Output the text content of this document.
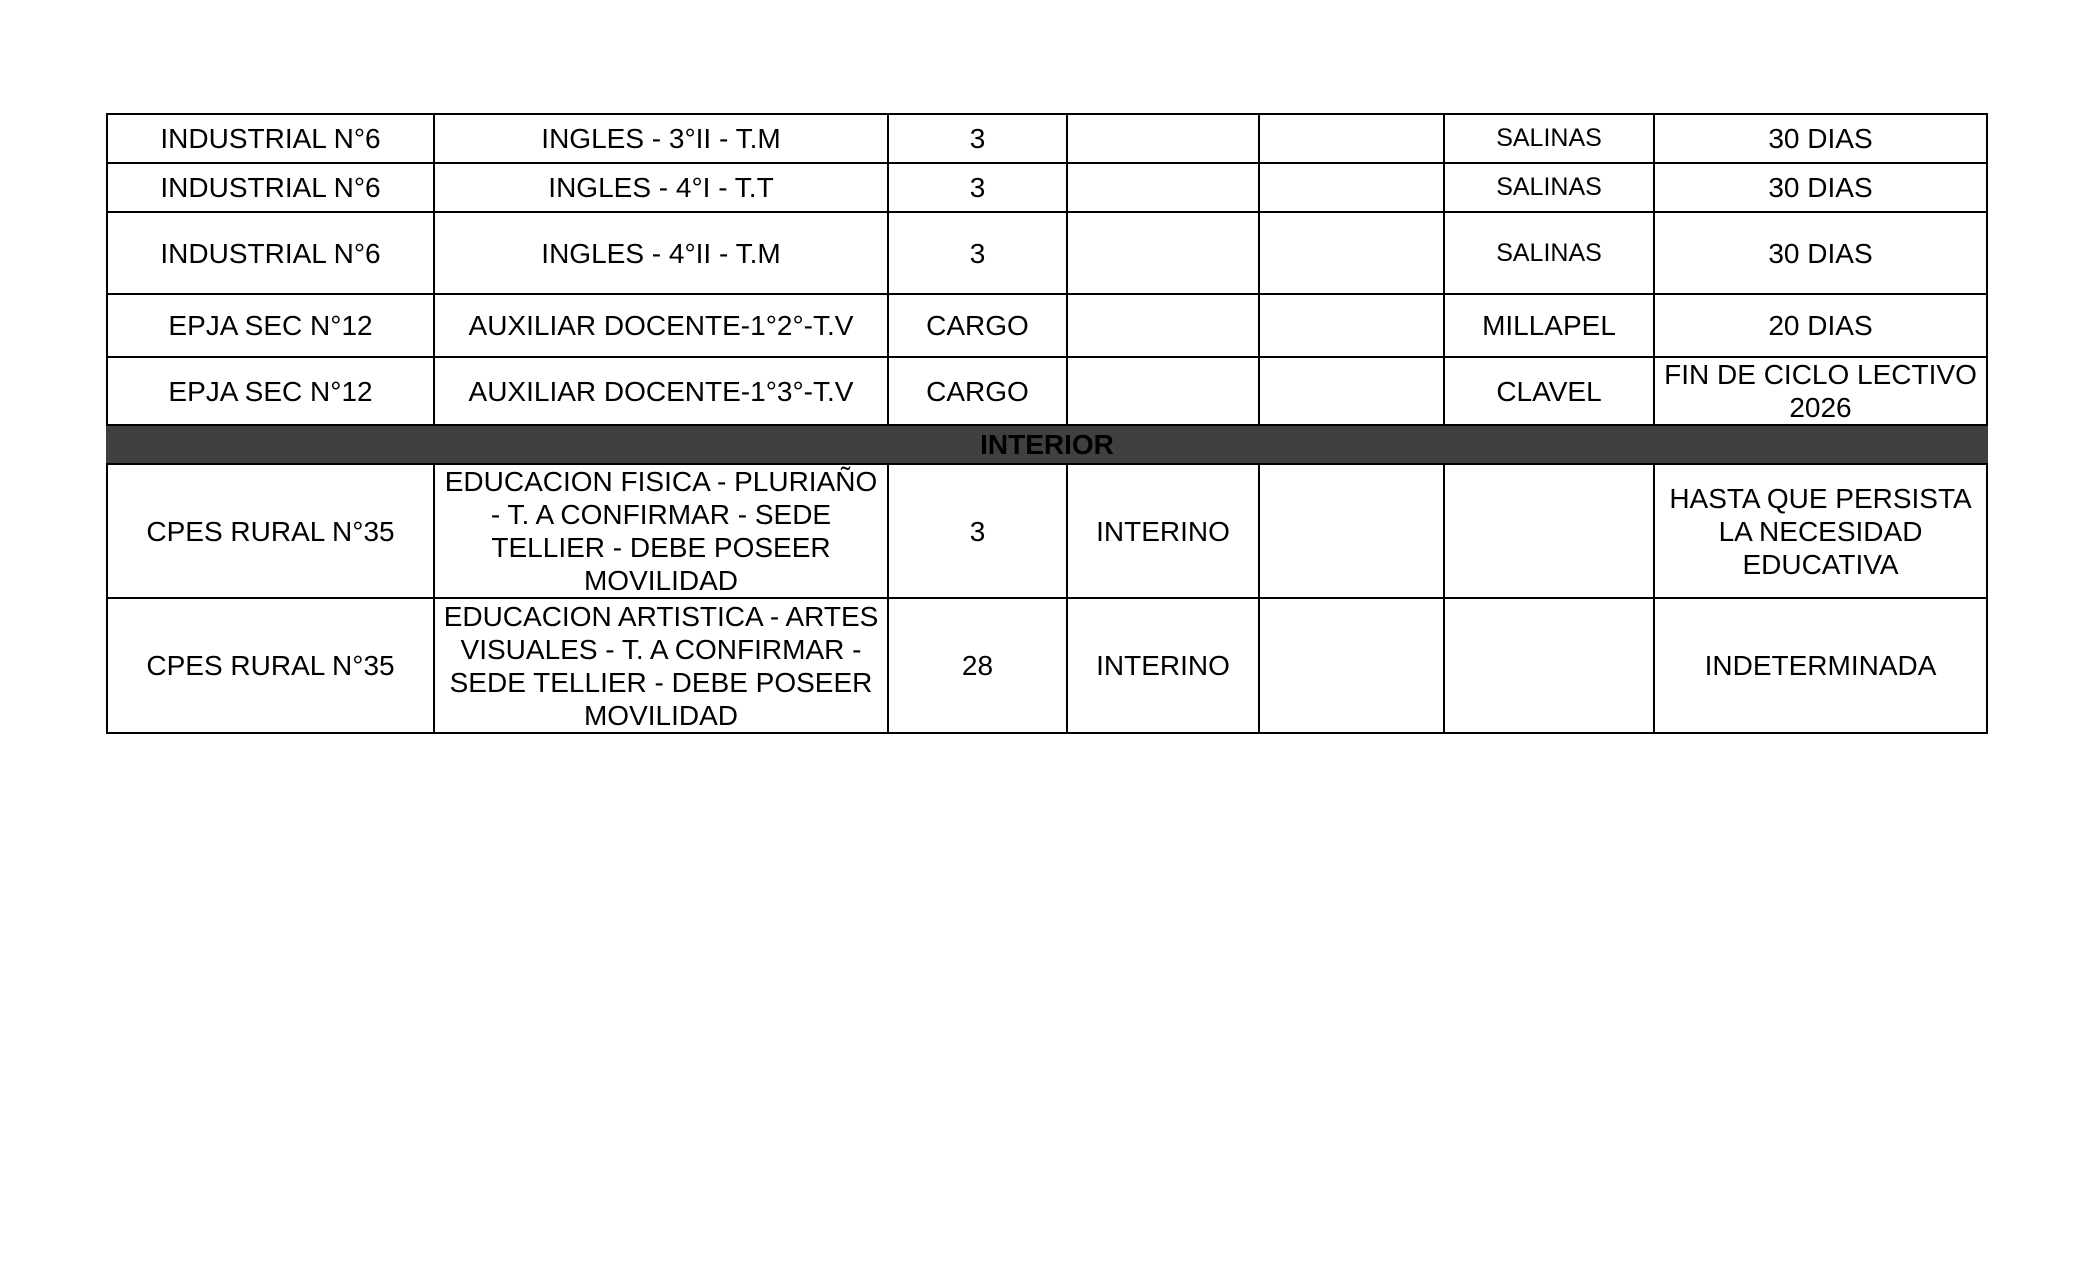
INDUSTRIAL N°6	INGLES - 3°II - T.M	3			SALINAS	30 DIAS
INDUSTRIAL N°6	INGLES - 4°I - T.T	3			SALINAS	30 DIAS
INDUSTRIAL N°6	INGLES - 4°II - T.M	3			SALINAS	30 DIAS
EPJA SEC N°12	AUXILIAR DOCENTE-1°2°-T.V	CARGO			MILLAPEL	20 DIAS
EPJA SEC N°12	AUXILIAR DOCENTE-1°3°-T.V	CARGO			CLAVEL	FIN DE CICLO LECTIVO 2026
INTERIOR						
CPES RURAL N°35	EDUCACION FISICA - PLURIAÑO - T. A CONFIRMAR - SEDE TELLIER - DEBE POSEER MOVILIDAD	3	INTERINO			HASTA QUE PERSISTA LA NECESIDAD EDUCATIVA
CPES RURAL N°35	EDUCACION ARTISTICA - ARTES VISUALES - T. A CONFIRMAR - SEDE TELLIER - DEBE POSEER MOVILIDAD	28	INTERINO			INDETERMINADA
